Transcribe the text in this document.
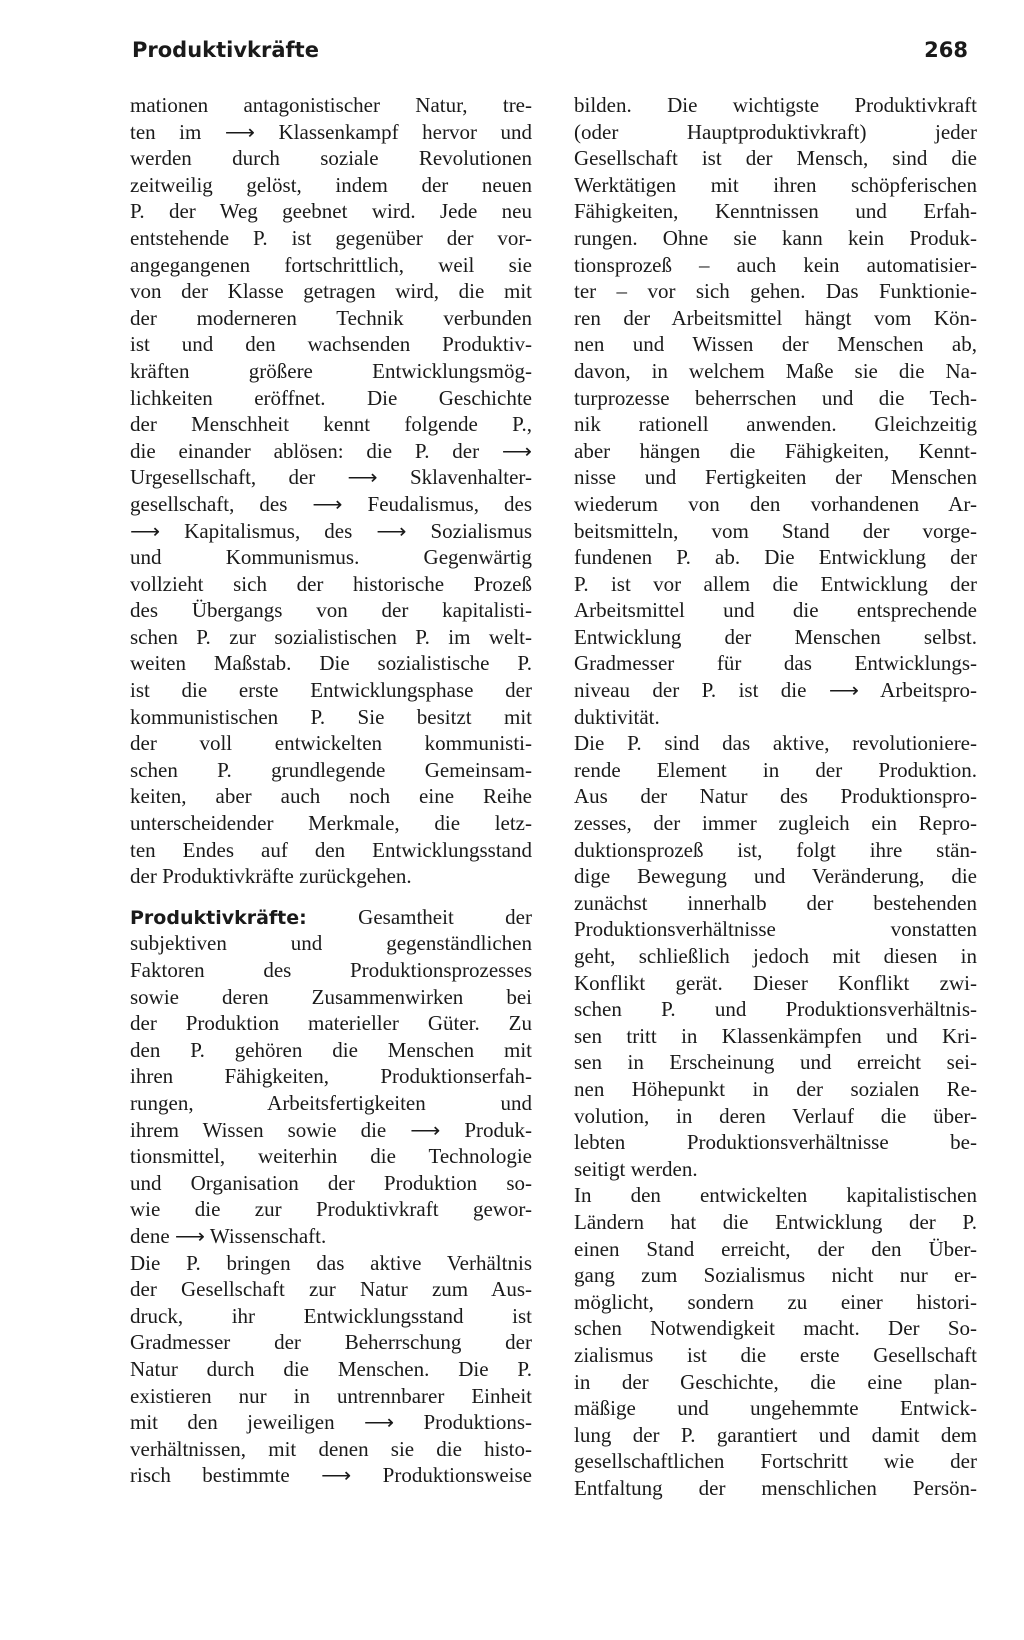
Produktivkräfte	268
mationen antagonistischer Natur, tre-
ten im ⟶ Klassenkampf hervor und
werden durch soziale Revolutionen
zeitweilig gelöst, indem der neuen
P. der Weg geebnet wird. Jede neu
entstehende P. ist gegenüber der vor-
angegangenen fortschrittlich, weil sie
von der Klasse getragen wird, die mit
der moderneren Technik verbunden
ist und den wachsenden Produktiv-
kräften größere Entwicklungsmög-
lichkeiten eröffnet. Die Geschichte
der Menschheit kennt folgende P.,
die einander ablösen: die P. der ⟶
Urgesellschaft, der ⟶ Sklavenhalter-
gesellschaft, des ⟶ Feudalismus, des
⟶ Kapitalismus, des ⟶ Sozialismus
und Kommunismus. Gegenwärtig
vollzieht sich der historische Prozeß
des Übergangs von der kapitalisti-
schen P. zur sozialistischen P. im welt-
weiten Maßstab. Die sozialistische P.
ist die erste Entwicklungsphase der
kommunistischen P. Sie besitzt mit
der voll entwickelten kommunisti-
schen P. grundlegende Gemeinsam-
keiten, aber auch noch eine Reihe
unterscheidender Merkmale, die letz-
ten Endes auf den Entwicklungsstand
der Produktivkräfte zurückgehen.
Produktivkräfte: Gesamtheit der
subjektiven und gegenständlichen
Faktoren des Produktionsprozesses
sowie deren Zusammenwirken bei
der Produktion materieller Güter. Zu
den P. gehören die Menschen mit
ihren Fähigkeiten, Produktionserfah-
rungen, Arbeitsfertigkeiten und
ihrem Wissen sowie die ⟶ Produk-
tionsmittel, weiterhin die Technologie
und Organisation der Produktion so-
wie die zur Produktivkraft gewor-
dene ⟶ Wissenschaft.
Die P. bringen das aktive Verhältnis
der Gesellschaft zur Natur zum Aus-
druck, ihr Entwicklungsstand ist
Gradmesser der Beherrschung der
Natur durch die Menschen. Die P.
existieren nur in untrennbarer Einheit
mit den jeweiligen ⟶ Produktions-
verhältnissen, mit denen sie die histo-
risch bestimmte ⟶ Produktionsweise
bilden. Die wichtigste Produktivkraft
(oder Hauptproduktivkraft) jeder
Gesellschaft ist der Mensch, sind die
Werktätigen mit ihren schöpferischen
Fähigkeiten, Kenntnissen und Erfah-
rungen. Ohne sie kann kein Produk-
tionsprozeß – auch kein automatisier-
ter – vor sich gehen. Das Funktionie-
ren der Arbeitsmittel hängt vom Kön-
nen und Wissen der Menschen ab,
davon, in welchem Maße sie die Na-
turprozesse beherrschen und die Tech-
nik rationell anwenden. Gleichzeitig
aber hängen die Fähigkeiten, Kennt-
nisse und Fertigkeiten der Menschen
wiederum von den vorhandenen Ar-
beitsmitteln, vom Stand der vorge-
fundenen P. ab. Die Entwicklung der
P. ist vor allem die Entwicklung der
Arbeitsmittel und die entsprechende
Entwicklung der Menschen selbst.
Gradmesser für das Entwicklungs-
niveau der P. ist die ⟶ Arbeitspro-
duktivität.
Die P. sind das aktive, revolutioniere-
rende Element in der Produktion.
Aus der Natur des Produktionspro-
zesses, der immer zugleich ein Repro-
duktionsprozeß ist, folgt ihre stän-
dige Bewegung und Veränderung, die
zunächst innerhalb der bestehenden
Produktionsverhältnisse vonstatten
geht, schließlich jedoch mit diesen in
Konflikt gerät. Dieser Konflikt zwi-
schen P. und Produktionsverhältnis-
sen tritt in Klassenkämpfen und Kri-
sen in Erscheinung und erreicht sei-
nen Höhepunkt in der sozialen Re-
volution, in deren Verlauf die über-
lebten Produktionsverhältnisse be-
seitigt werden.
In den entwickelten kapitalistischen
Ländern hat die Entwicklung der P.
einen Stand erreicht, der den Über-
gang zum Sozialismus nicht nur er-
möglicht, sondern zu einer histori-
schen Notwendigkeit macht. Der So-
zialismus ist die erste Gesellschaft
in der Geschichte, die eine plan-
mäßige und ungehemmte Entwick-
lung der P. garantiert und damit dem
gesellschaftlichen Fortschritt wie der
Entfaltung der menschlichen Persön-
